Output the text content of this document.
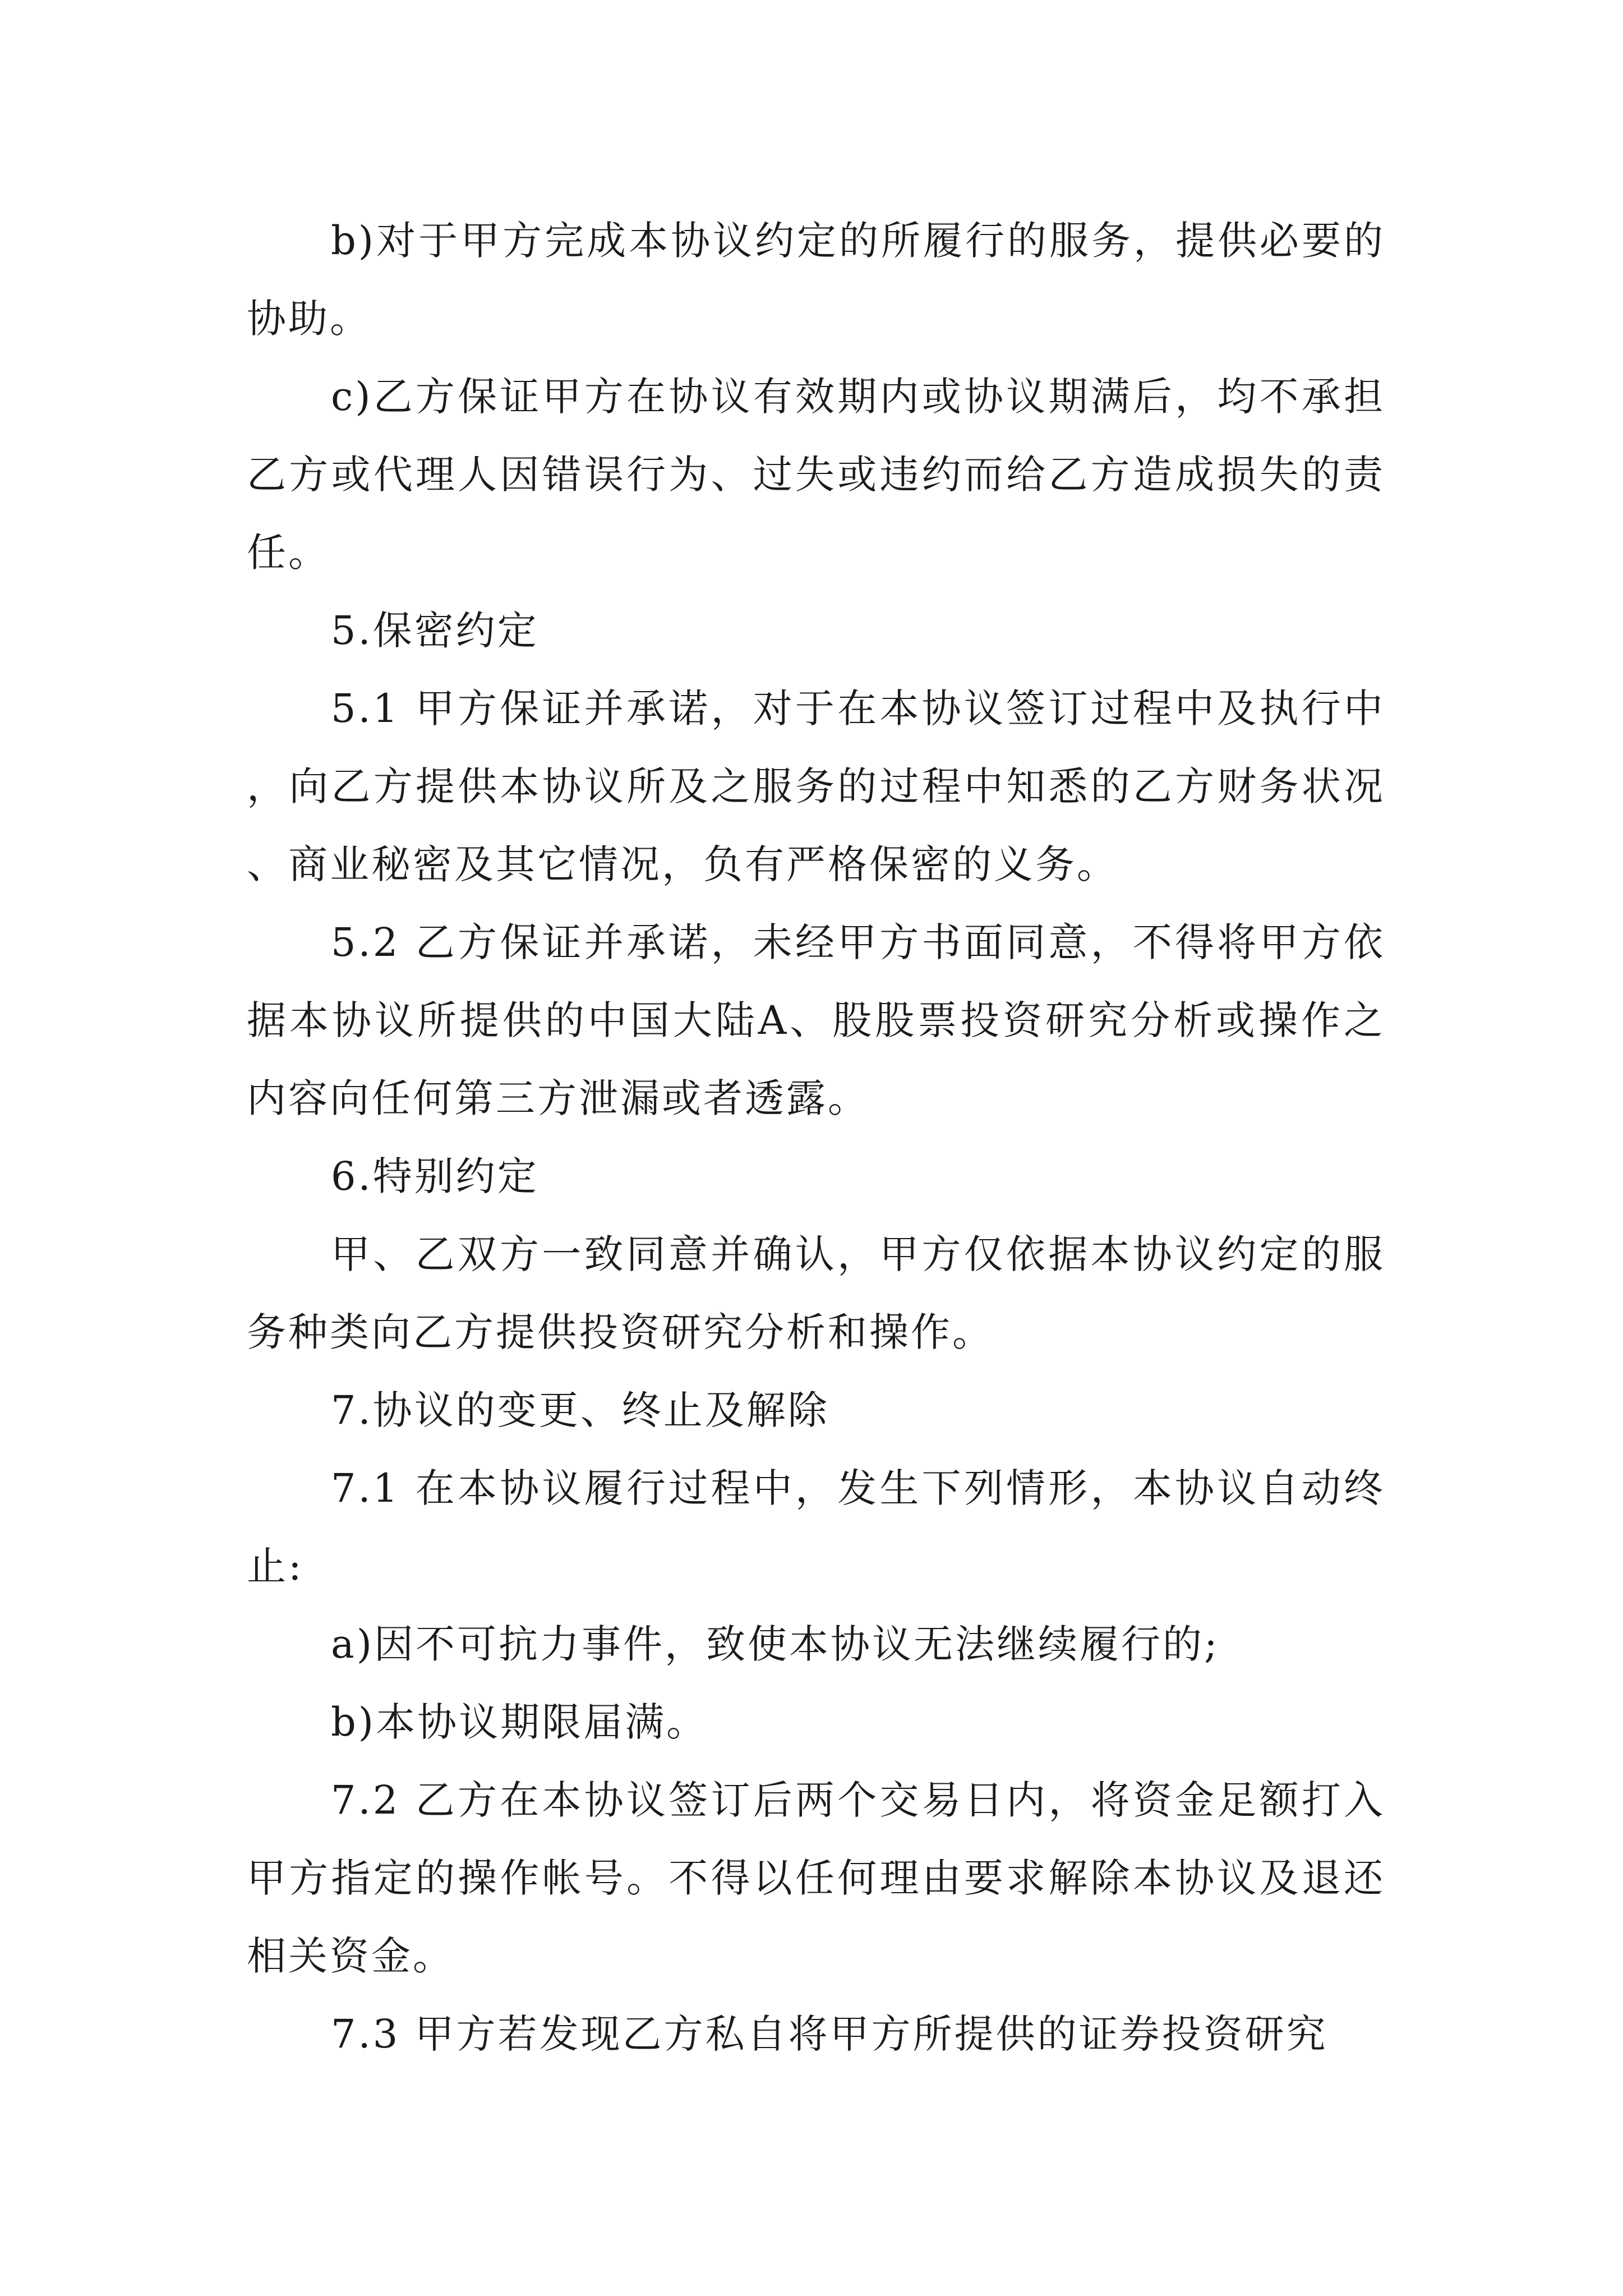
b)对于甲方完成本协议约定的所履行的服务，提供必要的协助。

c)乙方保证甲方在协议有效期内或协议期满后，均不承担乙方或代理人因错误行为、过失或违约而给乙方造成损失的责任。

5.保密约定

5.1 甲方保证并承诺，对于在本协议签订过程中及执行中，向乙方提供本协议所及之服务的过程中知悉的乙方财务状况、商业秘密及其它情况，负有严格保密的义务。

5.2 乙方保证并承诺，未经甲方书面同意，不得将甲方依据本协议所提供的中国大陆A、股股票投资研究分析或操作之内容向任何第三方泄漏或者透露。

6.特别约定

甲、乙双方一致同意并确认，甲方仅依据本协议约定的服务种类向乙方提供投资研究分析和操作。

7.协议的变更、终止及解除

7.1 在本协议履行过程中，发生下列情形，本协议自动终止:

a)因不可抗力事件，致使本协议无法继续履行的;

b)本协议期限届满。

7.2 乙方在本协议签订后两个交易日内，将资金足额打入甲方指定的操作帐号。不得以任何理由要求解除本协议及退还相关资金。

7.3 甲方若发现乙方私自将甲方所提供的证券投资研究
